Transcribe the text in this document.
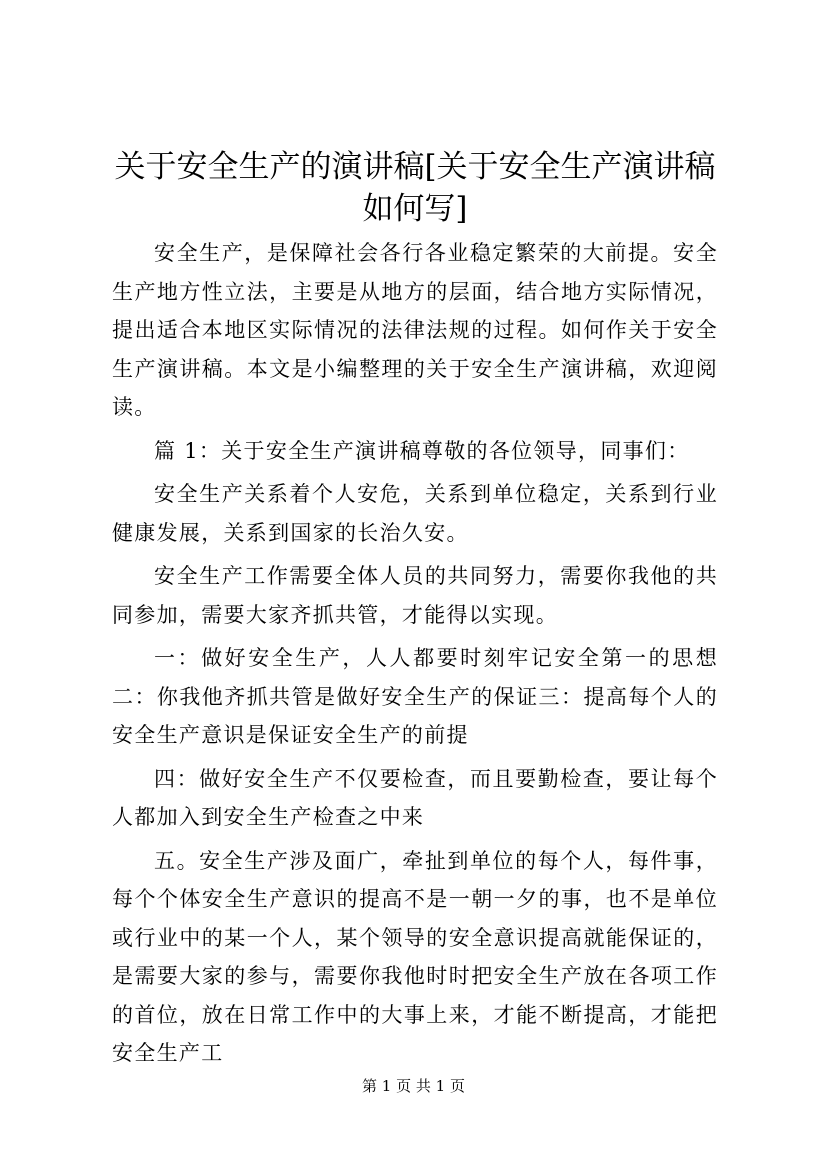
关于安全生产的演讲稿[关于安全生产演讲稿如何写]

安全生产，是保障社会各行各业稳定繁荣的大前提。安全生产地方性立法，主要是从地方的层面，结合地方实际情况，提出适合本地区实际情况的法律法规的过程。如何作关于安全生产演讲稿。本文是小编整理的关于安全生产演讲稿，欢迎阅读。

篇 1：关于安全生产演讲稿尊敬的各位领导，同事们：

安全生产关系着个人安危，关系到单位稳定，关系到行业健康发展，关系到国家的长治久安。

安全生产工作需要全体人员的共同努力，需要你我他的共同参加，需要大家齐抓共管，才能得以实现。

一：做好安全生产，人人都要时刻牢记安全第一的思想二：你我他齐抓共管是做好安全生产的保证三：提高每个人的安全生产意识是保证安全生产的前提

四：做好安全生产不仅要检查，而且要勤检查，要让每个人都加入到安全生产检查之中来

五。安全生产涉及面广，牵扯到单位的每个人，每件事，每个个体安全生产意识的提高不是一朝一夕的事，也不是单位或行业中的某一个人，某个领导的安全意识提高就能保证的，是需要大家的参与，需要你我他时时把安全生产放在各项工作的首位，放在日常工作中的大事上来，才能不断提高，才能把安全生产工

第 1 页 共 1 页
